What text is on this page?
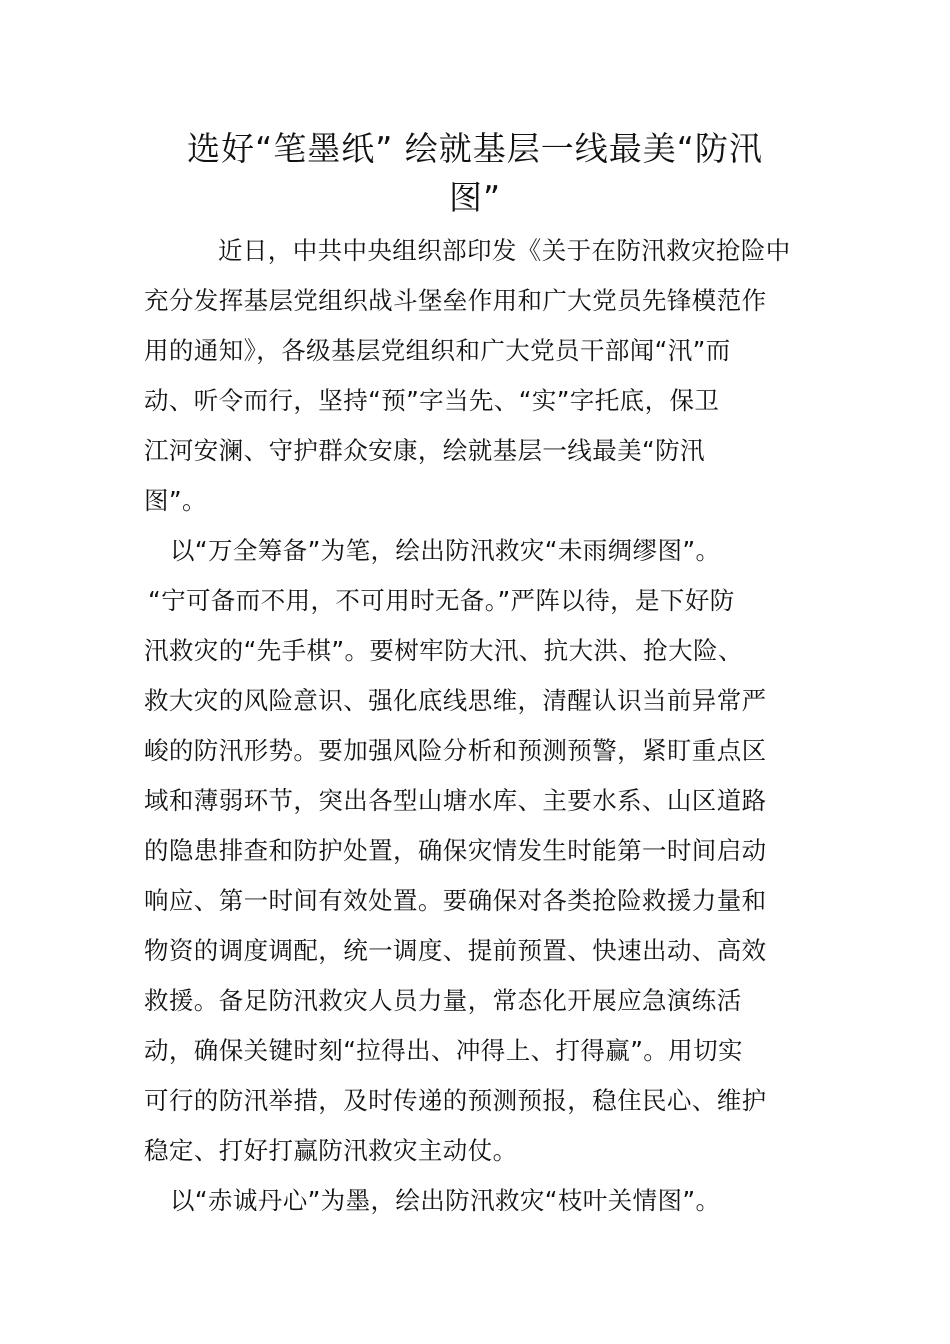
选好“笔墨纸” 绘就基层一线最美“防汛
图”
近日，中共中央组织部印发《关于在防汛救灾抢险中
充分发挥基层党组织战斗堡垒作用和广大党员先锋模范作
用的通知》，各级基层党组织和广大党员干部闻“汛”而
动、听令而行，坚持“预”字当先、“实”字托底，保卫
江河安澜、守护群众安康，绘就基层一线最美“防汛
图”。
以“万全筹备”为笔，绘出防汛救灾“未雨绸缪图”。
“宁可备而不用，不可用时无备。”严阵以待，是下好防
汛救灾的“先手棋”。要树牢防大汛、抗大洪、抢大险、
救大灾的风险意识、强化底线思维，清醒认识当前异常严
峻的防汛形势。要加强风险分析和预测预警，紧盯重点区
域和薄弱环节，突出各型山塘水库、主要水系、山区道路
的隐患排查和防护处置，确保灾情发生时能第一时间启动
响应、第一时间有效处置。要确保对各类抢险救援力量和
物资的调度调配，统一调度、提前预置、快速出动、高效
救援。备足防汛救灾人员力量，常态化开展应急演练活
动，确保关键时刻“拉得出、冲得上、打得赢”。用切实
可行的防汛举措，及时传递的预测预报，稳住民心、维护
稳定、打好打赢防汛救灾主动仗。
以“赤诚丹心”为墨，绘出防汛救灾“枝叶关情图”。
